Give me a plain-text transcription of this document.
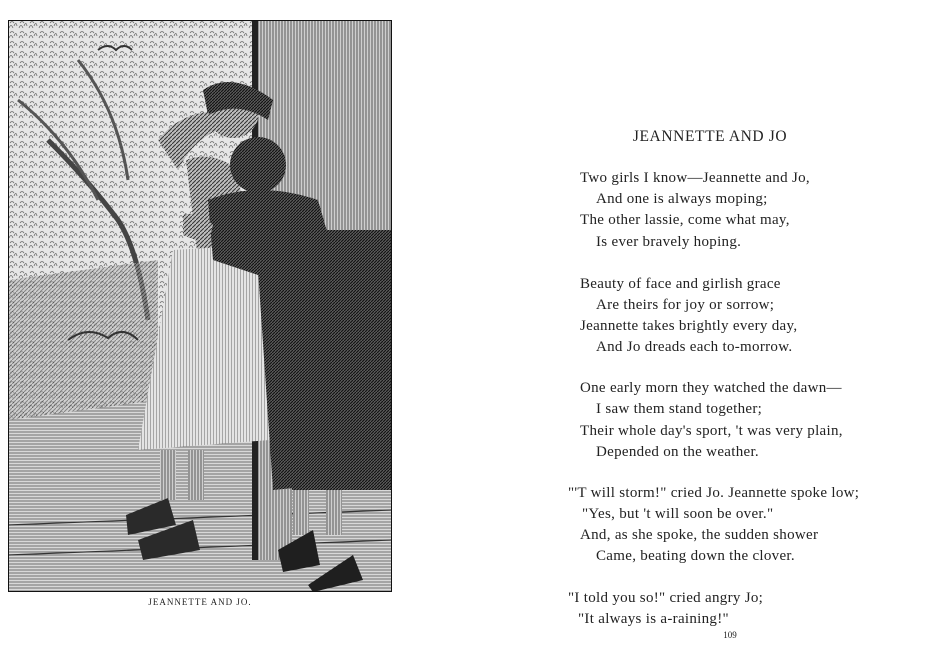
JEANNETTE AND JO.
JEANNETTE AND JO
Two girls I know—Jeannette and Jo,
And one is always moping;
The other lassie, come what may,
Is ever bravely hoping.
Beauty of face and girlish grace
Are theirs for joy or sorrow;
Jeannette takes brightly every day,
And Jo dreads each to-morrow.
One early morn they watched the dawn—
I saw them stand together;
Their whole day's sport, 't was very plain,
Depended on the weather.
"'T will storm!" cried Jo. Jeannette spoke low;
"Yes, but 't will soon be over."
And, as she spoke, the sudden shower
Came, beating down the clover.
"I told you so!" cried angry Jo;
"It always is a-raining!"
109
